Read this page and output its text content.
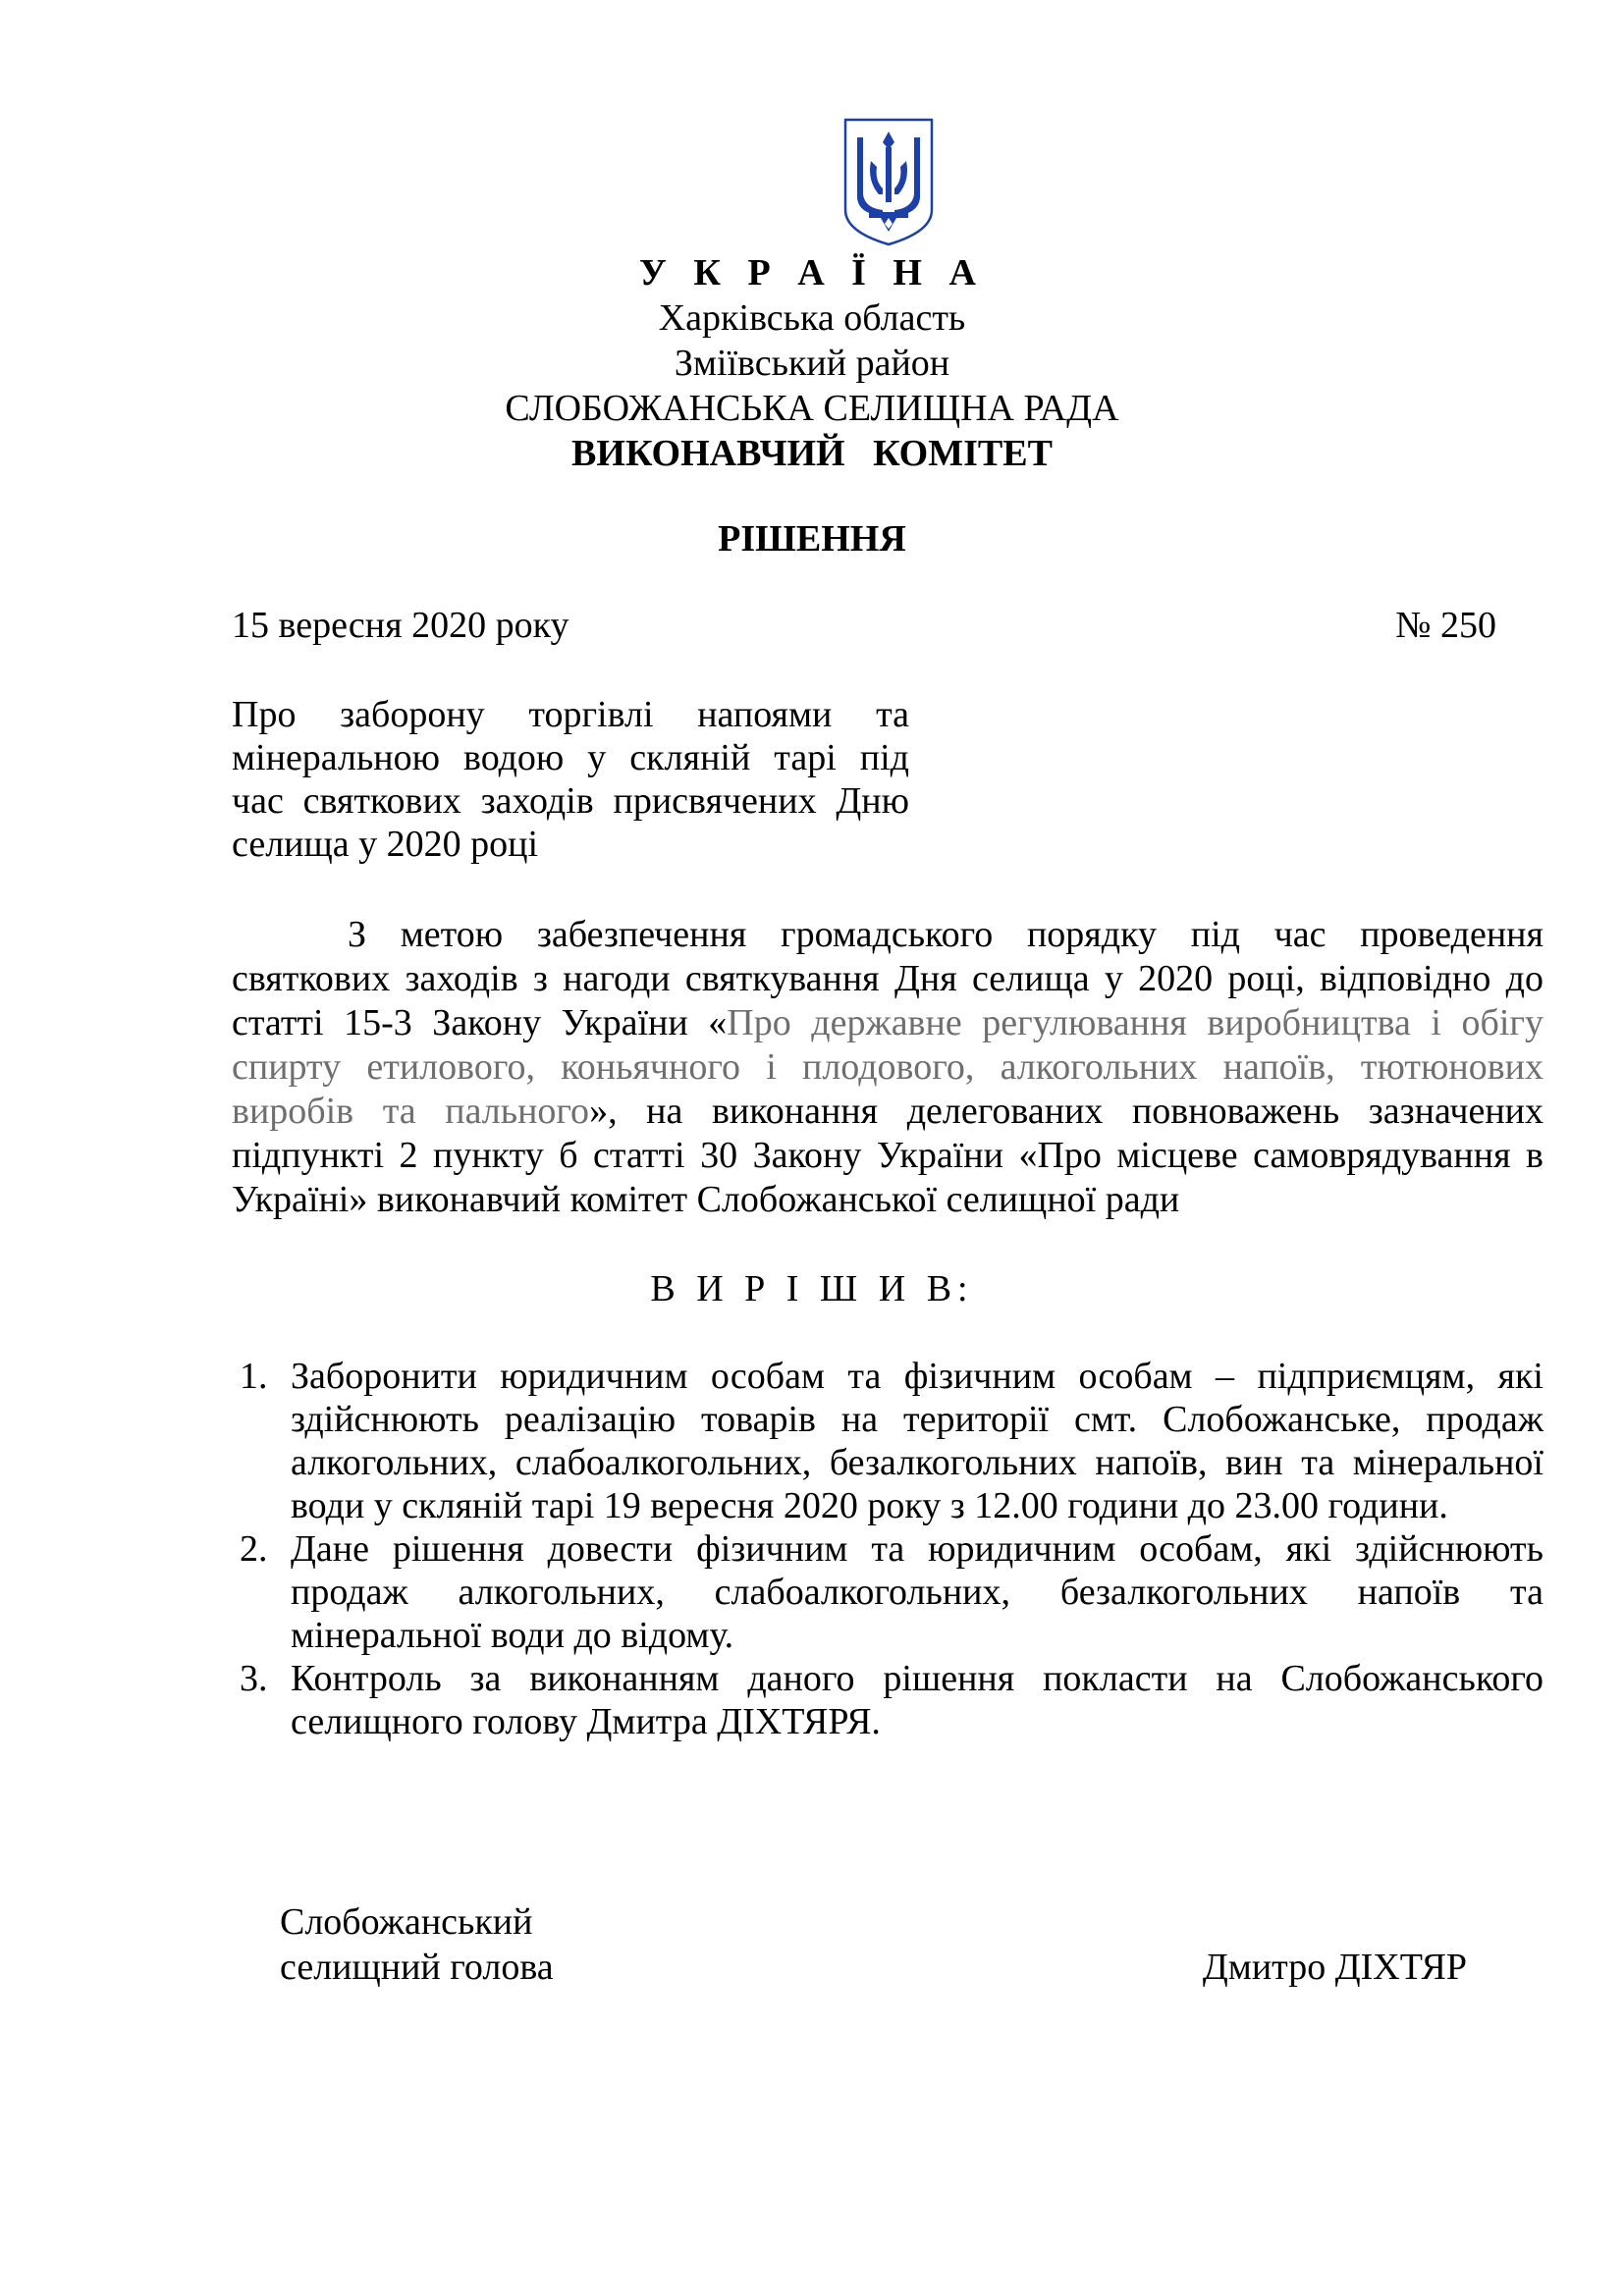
У К Р А Ї Н А
Харківська область
Зміївський район
СЛОБОЖАНСЬКА СЕЛИЩНА РАДА
ВИКОНАВЧИЙ   КОМІТЕТ
РІШЕННЯ
15 вересня 2020 року	№ 250
Про заборону торгівлі напоями та
мінеральною водою у скляній тарі під
час святкових заходів присвячених Дню
селища у 2020 році
З метою забезпечення громадського порядку під час проведення
святкових заходів з нагоди святкування Дня селища у 2020 році, відповідно до
статті 15-3 Закону України «Про державне регулювання виробництва і обігу
спирту етилового, коньячного і плодового, алкогольних напоїв, тютюнових
виробів та пального», на виконання делегованих повноважень зазначених
підпункті 2 пункту б статті 30 Закону України «Про місцеве самоврядування в
Україні» виконавчий комітет Слобожанської селищної ради
В И Р І Ш И В:
1. Заборонити юридичним особам та фізичним особам – підприємцям, які
здійснюють реалізацію товарів на території смт. Слобожанське, продаж
алкогольних, слабоалкогольних, безалкогольних напоїв, вин та мінеральної
води у скляній тарі 19 вересня 2020 року з 12.00 години до 23.00 години.
2. Дане рішення довести фізичним та юридичним особам, які здійснюють
продаж алкогольних, слабоалкогольних, безалкогольних напоїв та
мінеральної води до відому.
3. Контроль за виконанням даного рішення покласти на Слобожанського
селищного голову Дмитра ДІХТЯРЯ.
Слобожанський
селищний голова	Дмитро ДІХТЯР
